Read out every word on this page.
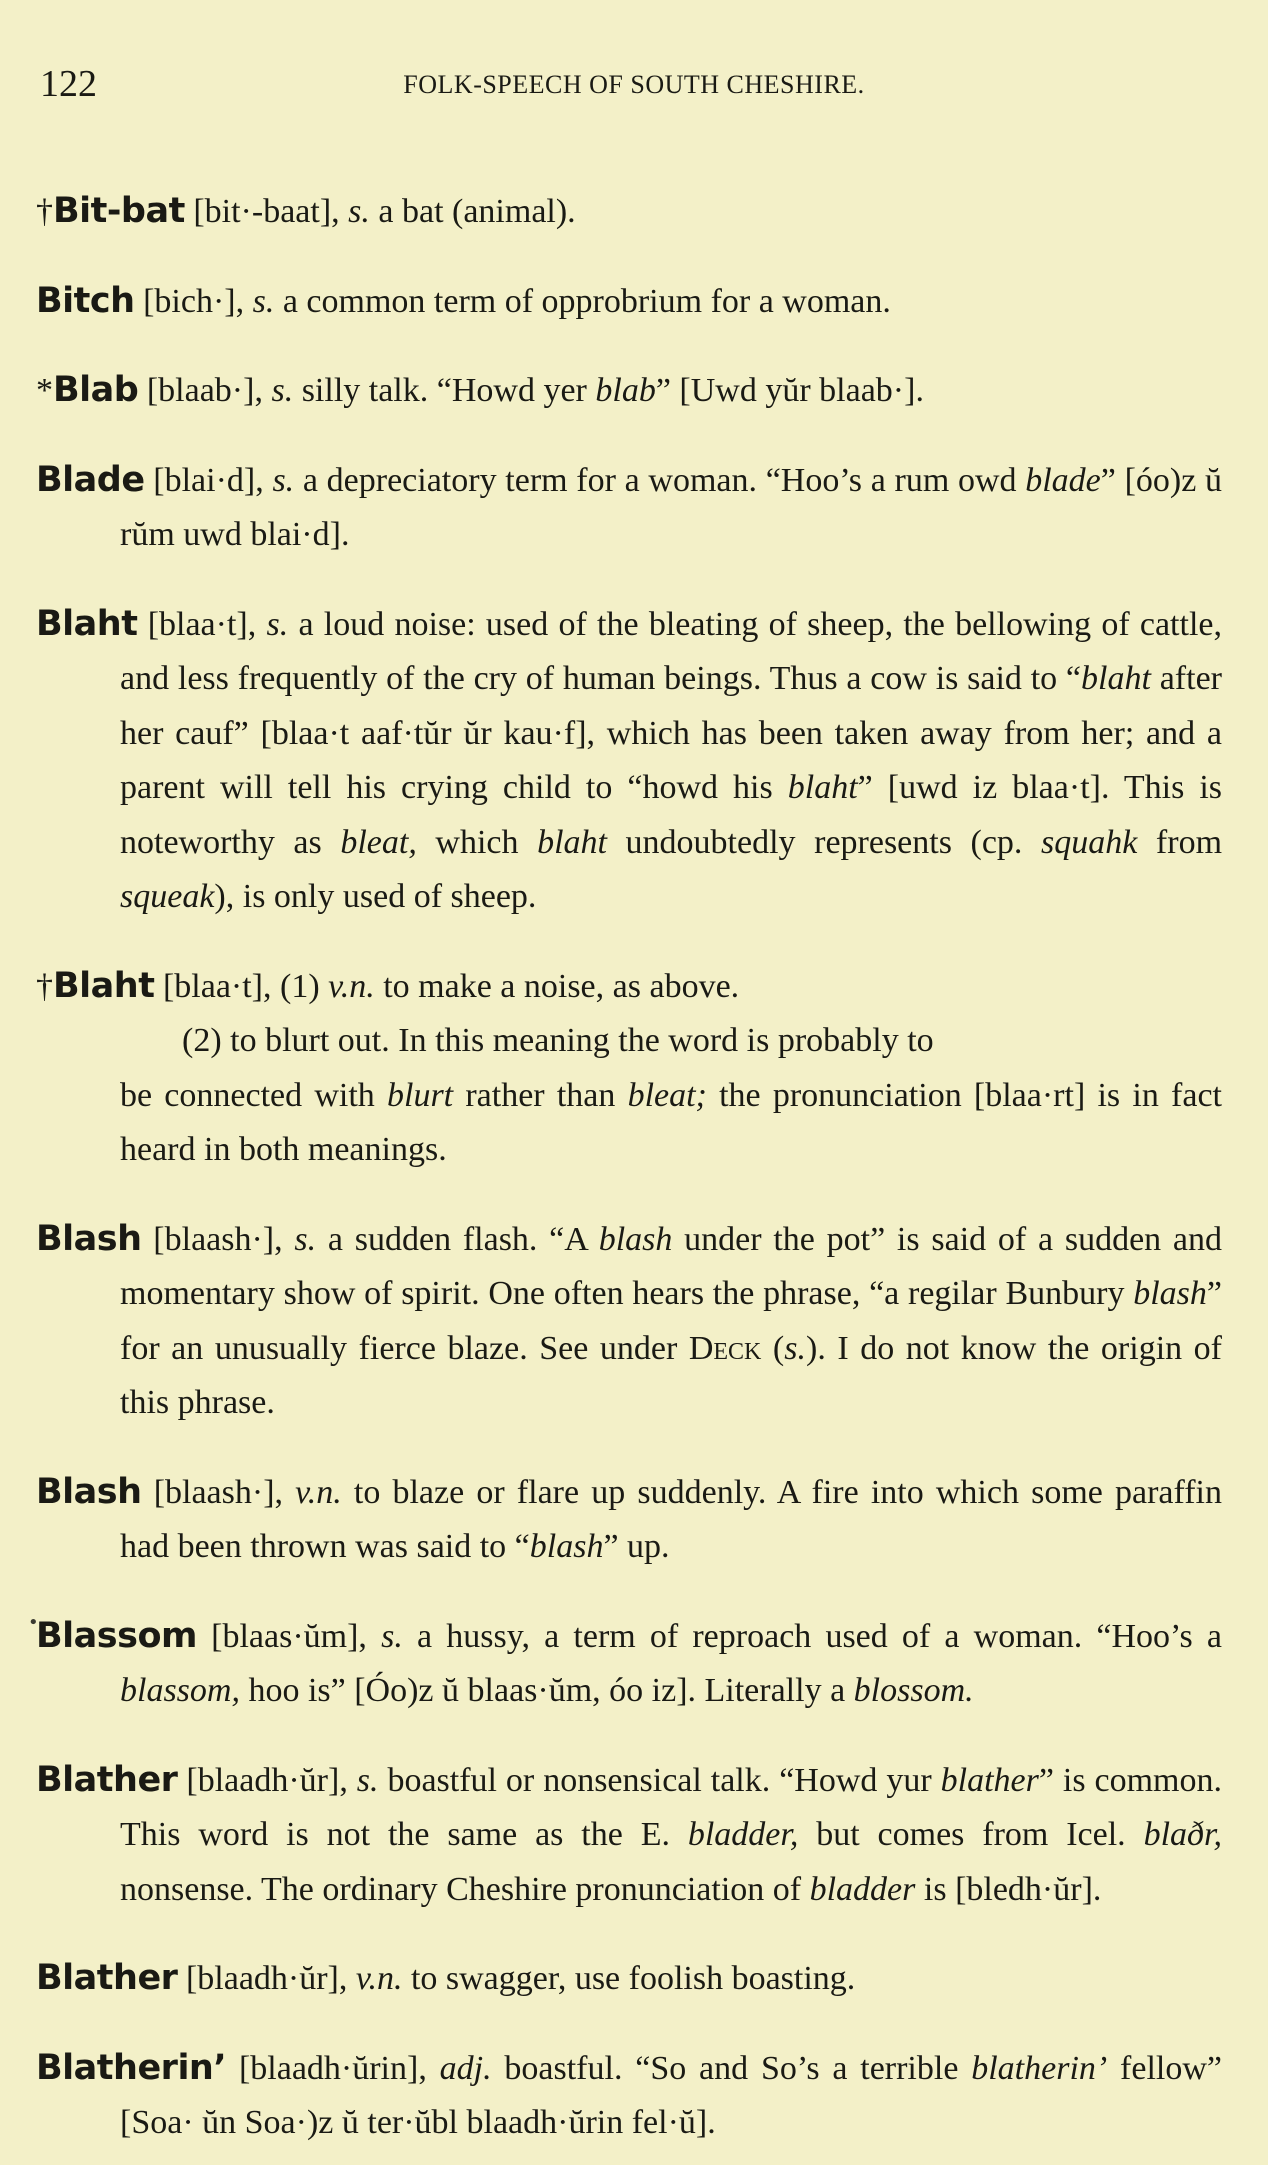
122	FOLK-SPEECH OF SOUTH CHESHIRE.

†Bit-bat [bit·-baat], s. a bat (animal).

Bitch [bich·], s. a common term of opprobrium for a woman.

*Blab [blaab·], s. silly talk. “Howd yer blab” [Uwd yŭr blaab·].

Blade [blai·d], s. a depreciatory term for a woman. “Hoo’s a rum owd blade” [óo)z ŭ rŭm uwd blai·d].

Blaht [blaa·t], s. a loud noise: used of the bleating of sheep, the bellowing of cattle, and less frequently of the cry of human beings. Thus a cow is said to “blaht after her cauf” [blaa·t aaf·tŭr ŭr kau·f], which has been taken away from her; and a parent will tell his crying child to “howd his blaht” [uwd iz blaa·t]. This is noteworthy as bleat, which blaht undoubtedly represents (cp. squahk from squeak), is only used of sheep.

†Blaht [blaa·t], (1) v.n. to make a noise, as above.
(2) to blurt out. In this meaning the word is probably to
be connected with blurt rather than bleat; the pronunciation [blaa·rt] is in fact heard in both meanings.

Blash [blaash·], s. a sudden flash. “A blash under the pot” is said of a sudden and momentary show of spirit. One often hears the phrase, “a regilar Bunbury blash” for an unusually fierce blaze. See under Deck (s.). I do not know the origin of this phrase.

Blash [blaash·], v.n. to blaze or flare up suddenly. A fire into which some paraffin had been thrown was said to “blash” up.

Blassom [blaas·ŭm], s. a hussy, a term of reproach used of a woman. “Hoo’s a blassom, hoo is” [Óo)z ŭ blaas·ŭm, óo iz]. Literally a blossom.

Blather [blaadh·ŭr], s. boastful or nonsensical talk. “Howd yur blather” is common. This word is not the same as the E. bladder, but comes from Icel. blaðr, nonsense. The ordinary Cheshire pronunciation of bladder is [bledh·ŭr].

Blather [blaadh·ŭr], v.n. to swagger, use foolish boasting.

Blatherin’ [blaadh·ŭrin], adj. boastful. “So and So’s a terrible blatherin’ fellow” [Soa· ŭn Soa·)z ŭ ter·ŭbl blaadh·ŭrin fel·ŭ].

•
